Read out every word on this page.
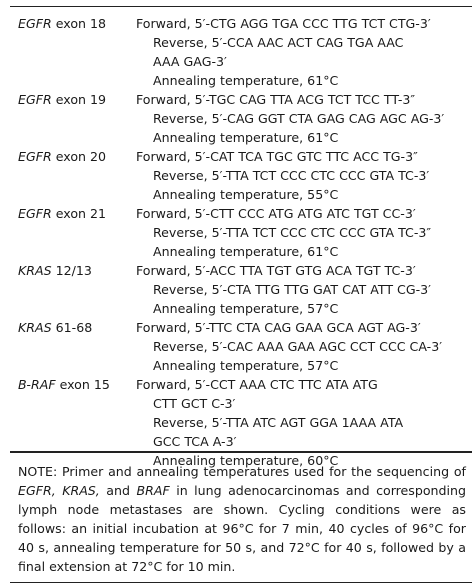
EGFR exon 18	Forward, 5′-CTG AGG TGA CCC TTG TCT CTG-3′
Reverse, 5′-CCA AAC ACT CAG TGA AAC
AAA GAG-3′
Annealing temperature, 61°C
EGFR exon 19	Forward, 5′-TGC CAG TTA ACG TCT TCC TT-3″
Reverse, 5′-CAG GGT CTA GAG CAG AGC AG-3′
Annealing temperature, 61°C
EGFR exon 20	Forward, 5′-CAT TCA TGC GTC TTC ACC TG-3″
Reverse, 5′-TTA TCT CCC CTC CCC GTA TC-3′
Annealing temperature, 55°C
EGFR exon 21	Forward, 5′-CTT CCC ATG ATG ATC TGT CC-3′
Reverse, 5′-TTA TCT CCC CTC CCC GTA TC-3″
Annealing temperature, 61°C
KRAS 12/13	Forward, 5′-ACC TTA TGT GTG ACA TGT TC-3′
Reverse, 5′-CTA TTG TTG GAT CAT ATT CG-3′
Annealing temperature, 57°C
KRAS 61-68	Forward, 5′-TTC CTA CAG GAA GCA AGT AG-3′
Reverse, 5′-CAC AAA GAA AGC CCT CCC CA-3′
Annealing temperature, 57°C
B-RAF exon 15	Forward, 5′-CCT AAA CTC TTC ATA ATG
CTT GCT C-3′
Reverse, 5′-TTA ATC AGT GGA 1AAA ATA
GCC TCA A-3′
Annealing temperature, 60°C
NOTE: Primer and annealing temperatures used for the sequencing of EGFR, KRAS, and BRAF in lung adenocarcinomas and corresponding lymph node metastases are shown. Cycling conditions were as follows: an initial incubation at 96°C for 7 min, 40 cycles of 96°C for 40 s, annealing temperature for 50 s, and 72°C for 40 s, followed by a final extension at 72°C for 10 min.
